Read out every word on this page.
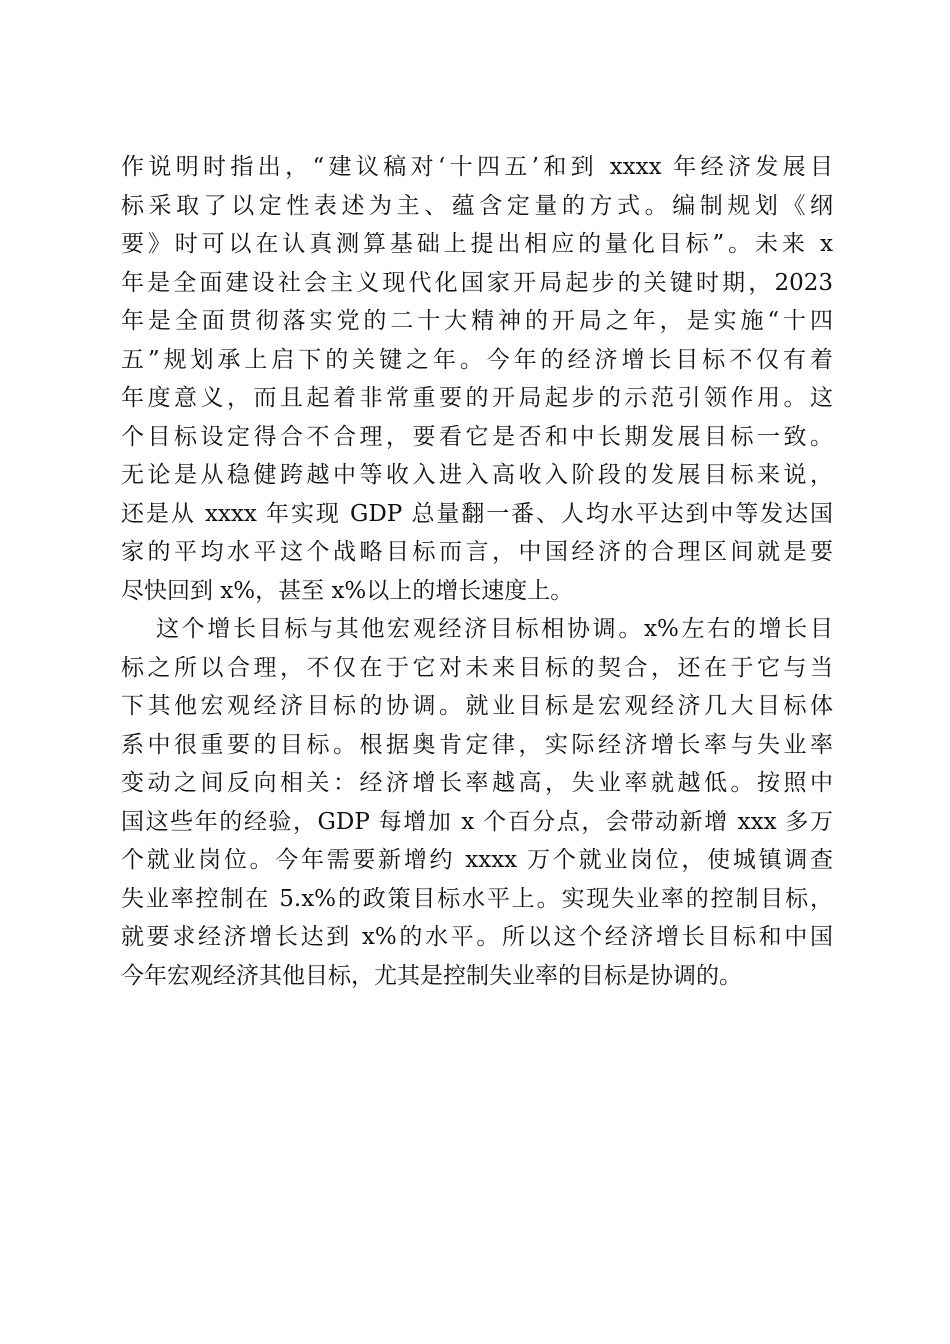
作说明时指出，“建议稿对‘十四五’和到 xxxx 年经济发展目
标采取了以定性表述为主、蕴含定量的方式。编制规划《纲
要》时可以在认真测算基础上提出相应的量化目标”。未来 x
年是全面建设社会主义现代化国家开局起步的关键时期，2023
年是全面贯彻落实党的二十大精神的开局之年，是实施“十四
五”规划承上启下的关键之年。今年的经济增长目标不仅有着
年度意义，而且起着非常重要的开局起步的示范引领作用。这
个目标设定得合不合理，要看它是否和中长期发展目标一致。
无论是从稳健跨越中等收入进入高收入阶段的发展目标来说，
还是从 xxxx 年实现 GDP 总量翻一番、人均水平达到中等发达国
家的平均水平这个战略目标而言，中国经济的合理区间就是要
尽快回到 x%，甚至 x%以上的增长速度上。
这个增长目标与其他宏观经济目标相协调。x%左右的增长目
标之所以合理，不仅在于它对未来目标的契合，还在于它与当
下其他宏观经济目标的协调。就业目标是宏观经济几大目标体
系中很重要的目标。根据奥肯定律，实际经济增长率与失业率
变动之间反向相关：经济增长率越高，失业率就越低。按照中
国这些年的经验，GDP 每增加 x 个百分点，会带动新增 xxx 多万
个就业岗位。今年需要新增约 xxxx 万个就业岗位，使城镇调查
失业率控制在 5.x%的政策目标水平上。实现失业率的控制目标，
就要求经济增长达到 x%的水平。所以这个经济增长目标和中国
今年宏观经济其他目标，尤其是控制失业率的目标是协调的。
